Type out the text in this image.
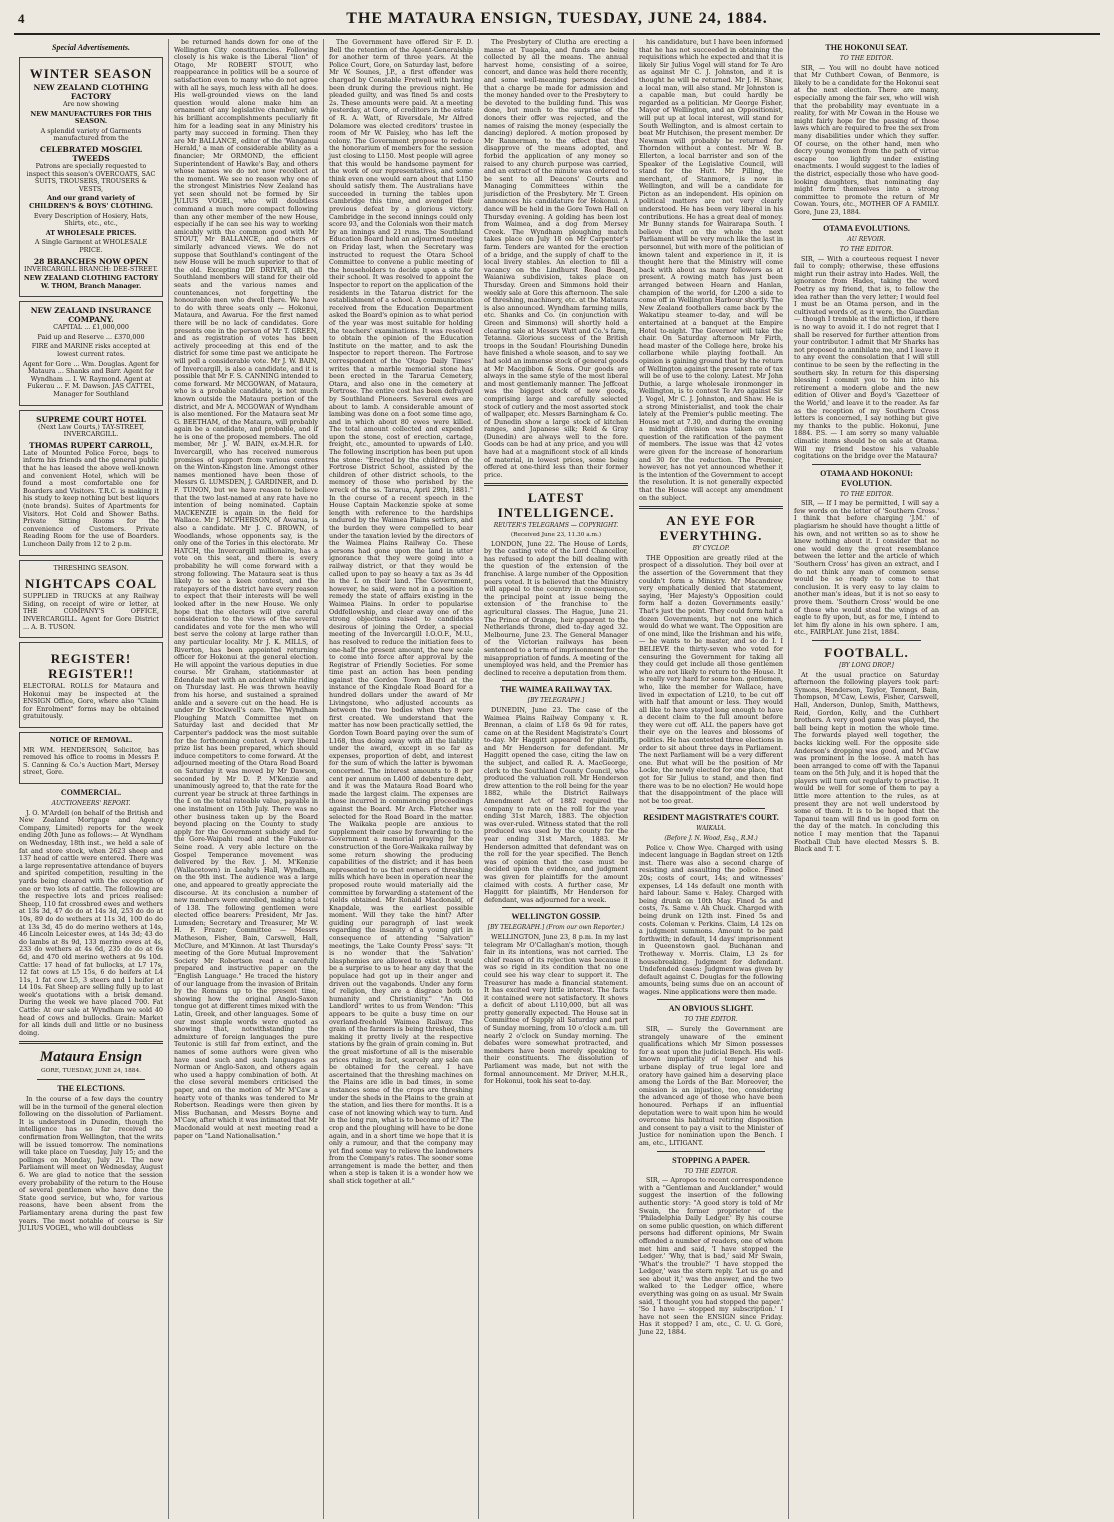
4	THE MATAURA ENSIGN, TUESDAY, JUNE 24, 1884.
Special Advertisements.
WINTER SEASON
NEW ZEALAND CLOTHING FACTORY

Are now showing

NEW MANUFACTURES FOR THIS SEASON.

A splendid variety of Garments manufactured from the

CELEBRATED MOSGIEL TWEEDS

Patrons are specially requested to inspect this season's OVERCOATS, SAC SUITS, TROUSERS, TROUSERS & VESTS,

And our grand variety of CHILDREN'S & BOYS' CLOTHING.

Every Description of Hosiery, Hats, Shirts, etc., etc.,

AT WHOLESALE PRICES.

A Single Garment at WHOLESALE PRICE.

28 BRANCHES NOW OPEN

INVERCARGILL BRANCH: DEE-STREET.

NEW ZEALAND CLOTHING FACTORY W. THOM, Branch Manager.

NEW ZEALAND INSURANCE COMPANY.

CAPITAL ... £1,000,000

Paid up and Reserve ... £370,000

FIRE and MARINE risks accepted at lowest current rates.

Agent for Gore ... Wm. Douglas. Agent for Mataura ... Shanks and Barr. Agent for Wyndham ... I. W. Raymond. Agent at Fukerau ... F. M. Dawson. JAS CATTEL, Manager for Southland

SUPREME COURT HOTEL

(Next Law Courts,) TAY-STREET, INVERCARGILL.

THOMAS RUPERT CARROLL,

Late of Mounted Police Force, begs to inform his friends and the general public that he has leased the above well-known and convenient Hotel, which will be found a most comfortable one for Boarders and Visitors. T.R.C. is making it his study to keep nothing but best liquors (note brands). Suites of Apartments for Visitors. Hot Cold and Shower Baths. Private Sitting Rooms for the convenience of Customers. Private Reading Room for the use of Boarders. Luncheon Daily from 12 to 2 p.m.

THRESHING SEASON.

NIGHTCAPS COAL

SUPPLIED in TRUCKS at any Railway Siding, on receipt of wire or letter, at THE COMPANY'S OFFICE, INVERCARGILL. Agent for Gore District ... A. B. TUSON.

REGISTER! REGISTER!!

ELECTORAL ROLLS for Mataura and Hokonui may be inspected at the ENSIGN Office, Gore, where also "Claim for Enrolment" forms may be obtained gratuitously.

NOTICE OF REMOVAL.

MR WM. HENDERSON, Solicitor, has removed his office to rooms in Messrs P. S. Canning & Co.'s Auction Mart, Mersey street, Gore.

COMMERCIAL.
AUCTIONEERS' REPORT.

J. O. M'Ardell (on behalf of the British and New Zealand Mortgage and Agency Company, Limited) reports for the week ending 20th June as follows:— At Wyndham on Wednesday, 18th inst., we held a sale of fat and store stock, when 2623 sheep and 137 head of cattle were entered. There was a large representative attendance of buyers and spirited competition, resulting in the yards being cleared with the exception of one or two lots of cattle. The following are the respective lots and prices realised: Sheep, 110 fat crossbred ewes and wethers at 13s 3d, 47 do do at 14s 3d, 253 do do at 10s, 89 do do wethers at 11s 3d, 100 do do at 13s 3d, 45 do do merino wethers at 14s, 46 Lincoln Leicester ewes, at 14s 3d; 43 do do lambs at 8s 9d, 133 merino ewes at 4s, 233 do wethers at 4s 6d, 235 do do at 6s 6d, and 470 old merino wethers at 9s 10d. Cattle: 17 head of fat bullocks, at L7 17s, 12 fat cows at L5 15s, 6 do heifers at L4 11s, 1 fat cow L5, 3 steers and 1 heifer at L4 10s. Fat Sheep are selling fully up to last week's quotations with a brisk demand. During the week we have placed 700. Fat Cattle: At our sale at Wyndham we sold 40 head of cows and bullocks. Grain: Market for all kinds dull and little or no business doing.

Mataura Ensign
GORE, TUESDAY, JUNE 24, 1884.
THE ELECTIONS.

In the course of a few days the country will be in the turmoil of the general election following on the dissolution of Parliament. It is understood in Dunedin, though the intelligence has so far received no confirmation from Wellington, that the writs will be issued tomorrow. The nominations will take place on Tuesday, July 15; and the pollings on Monday, July 21. The new Parliament will meet on Wednesday, August 6. We are glad to notice that the session every probability of the return to the House of several gentlemen who have done the State good service, but who, for various reasons, have been absent from the Parliamentary arena during the past few years. The most notable of course is Sir JULIUS VOGEL, who will doubtless

be returned hands down for one of the Wellington City constituencies. Following closely is his wake is the Liberal "lion" of Otago, Mr ROBERT STOUT, who reappearance in politics will be a source of satisfaction even to many who do not agree with all he says, much less with all he does. His well-grounded views on the land question would alone make him an ornament of any legislative chamber, while his brilliant accomplishments peculiarly fit him for a leading seat in any Ministry his party may succeed in forming. Then they are Mr BALLANCE, editor of the 'Wanganui Herald,' a man of considerable ability as a financier; Mr ORMOND, the efficient Superintendent of Hawke's Bay, and others whose names we do not now recollect at the moment. We see no reason why one of the strongest Ministries New Zealand has yet seen should not be formed by Sir JULIUS VOGEL, who will doubtless command a much more compact following than any other member of the new House, especially if he can see his way to working amicably with the common good with Mr STOUT, Mr BALLANCE, and others of similarly advanced views. We do not suppose that Southland's contingent of the new House will be much superior to that of the old. Excepting DE DRIVER, all the Southland members will stand for their old seats and the various names and countenances, not forgetting the honourable men who dwell there. We have to do with three seats only — Hokonui, Mataura, and Awarua. For the first named there will be no lack of candidates. Gore presents one in the person of Mr T. GREEN, and as registration of votes has been actively proceeding at this end of the district for some time past we anticipate he will poll a considerable vote. Mr J. W. BAIN, of Invercargill, is also a candidate, and it is possible that Mr F. S. CANNING intended to come forward. Mr MCGOWAN, of Mataura, who is a probable candidate, is not much known outside the Mataura portion of the district, and Mr A. MCGOWAN of Wyndham is also mentioned. For the Mataura seat Mr G. BEETHAM, of the Mataura, will probably again be a candidate, and probable, and if he is one of the proposed members. The old member, Mr J. W. BAIN, ex-M.H.R. for Invercargill, who has received numerous promises of support from various centres on the Winton-Kingston line. Amongst other names mentioned have been those of Messrs G. LUMSDEN, J. GARDINER, and D. F. TUNON, but we have reason to believe that the two last-named at any rate have no intention of being nominated. Captain MACKENZIE is again in the field for Wallace. Mr J. MCPHERSON, of Awarua, is also a candidate. Mr J. C. BROWN, of Woodlands, whose opponents say, is the only one of the Tories in this electorate. Mr HATCH, the Invercargill millionaire, has a vote on this seat, and there is every probability he will come forward with a strong following. The Mataura seat is thus likely to see a keen contest, and the ratepayers of the district have every reason to expect that their interests will be well looked after in the new House. We only hope that the electors will give careful consideration to the views of the several candidates and vote for the men who will best serve the colony at large rather than any particular locality. Mr J. K. MILLS, of Riverton, has been appointed returning officer for Hokonui at the general election. He will appoint the various deputies in due course. Mr Graham, stationmaster at Edendale met with an accident while riding on Thursday last. He was thrown heavily from his horse, and sustained a sprained ankle and a severe cut on the head. He is under Dr Stockwell's care. The Wyndham Ploughing Match Committee met on Saturday last and decided that Mr Carpenter's paddock was the most suitable for the forthcoming contest. A very liberal prize list has been prepared, which should induce competitors to come forward. At the adjourned meeting of the Otara Road Board on Saturday it was moved by Mr Dawson, seconded by Mr D. P. M'Kenzie and unanimously agreed to, that the rate for the current year be struck at three farthings in the £ on the total rateable value, payable in one instalment on 15th July. There was no other business taken up by the Board beyond placing on the County to study apply for the Government subsidy and for the Gore-Waipahi road and the Fukerau-Seine road. A very able lecture on the Gospel Temperance movement was delivered by the Rev. J. M. M'Kenzie (Wallacetown) in Leahy's Hall, Wyndham, on the 9th inst. The audience was a large one, and appeared to greatly appreciate the discourse. At its conclusion a number of new members were enrolled, making a total of 138. The following gentlemen were elected office bearers: President, Mr Jas. Lumsden; Secretary and Treasurer, Mr W. H. F. Frazer; Committee — Messrs Matheson, Fisher, Bain, Carswell, Hall, McClure, and M'Kinnon. At last Thursday's meeting of the Gore Mutual Improvement Society Mr Robertson read a carefully prepared and instructive paper on the "English Language." He traced the history of our language from the invasion of Britain by the Romans up to the present time, showing how the original Anglo-Saxon tongue got at different times mixed with the Latin, Greek, and other languages. Some of our most simple words were quoted as showing that, notwithstanding the admixture of foreign languages the pure Teutonic is still far from extinct, and the names of some authors were given who have used such and such languages as Norman or Anglo-Saxon, and others again who used a happy combination of both. At the close several members criticised the paper, and on the motion of Mr M'Caw a hearty vote of thanks was tendered to Mr Robertson. Readings were then given by Miss Buchanan, and Messrs Boyne and M'Caw, after which it was intimated that Mr Macdonald would at next meeting read a paper on "Land Nationalisation."

The Government have offered Sir F. D. Bell the retention of the Agent-Generalship for another term of three years. At the Police Court, Gore, on Saturday last, before Mr W. Sounes, J.P., a first offender was charged by Constable Fretwell with having been drunk during the previous night. He pleaded guilty, and was fined 5s and costs 2s. These amounts were paid. At a meeting yesterday, at Gore, of creditors in the estate of R. A. Watt, of Riversdale, Mr Alfred Dolamore was elected creditors' trustee in room of Mr W. Paisley, who has left the colony. The Government propose to reduce the honorarium of members for the session just closing to L150. Most people will agree that this would be handsome payment for the work of our representatives, and some think even one would earn about that L150 should satisfy them. The Australians have succeeded in turning the tables upon Cambridge this time, and avenged their previous defeat by a glorious victory. Cambridge in the second innings could only score 93, and the Colonials won their match by an innings and 21 runs. The Southland Education Board held an adjourned meeting on Friday last, when the Secretary was instructed to request the Otara School Committee to convene a public meeting of the householders to decide upon a site for their school. It was resolved to appoint the Inspector to report on the application of the residents in the Tatarua district for the establishment of a school. A communication received from the Education Department asked the Board's opinion as to what period of the year was most suitable for holding the teachers' examinations. It was resolved to obtain the opinion of the Education Institute on the matter, and to ask the Inspector to report thereon. The Fortrose correspondent of the 'Otago Daily Times' writes that a marble memorial stone has been erected in the Tararua Cemetery, Otara, and also one in the cemetery at Fortrose. The entire cost has been defrayed by Southland Pioneers. Several ewes are about to lamb. A considerable amount of lambing was done on a foot some time ago, and in which about 80 ewes were killed. The total amount collected and expended upon the stone, cost of erection, cartage, freight, etc., amounted to upwards of L40. The following inscription has been put upon the stone: "Erected by the children of the Fortrose District School, assisted by the children of other district schools, to the memory of those who perished by the wreck of the ss. Tararua, April 29th, 1881." In the course of a recent speech in the House Captain Mackenzie spoke at some length with reference to the hardships endured by the Waimea Plains settlers, and the burden they were compelled to bear under the taxation levied by the directors of the Waimea Plains Railway Co. These persons had gone upon the land in utter ignorance that they were going into a railway district, or that they would be called upon to pay so heavy a tax as 3s 4d in the L on their land. The Government, however, he said, were not in a position to remedy the state of affairs existing in the Waimea Plains. In order to popularise Oddfellowship, and clear away one of the strong objections raised to candidates desirous of joining the Order, a special meeting of the Invercargill I.O.O.F., M.U., has resolved to reduce the initiation fees to one-half the present amount, the new scale to come into force after approval by the Registrar of Friendly Societies. For some time past an action has been pending against the Gordon Town Board at the instance of the Kingdale Road Board for a hundred dollars under the award of Mr Livingstone, who adjusted accounts as between the two bodies when they were first created. We understand that the matter has now been practically settled, the Gordon Town Board paying over the sum of L168, thus doing away with all the liability under the award, except in so far as expenses, proportion of debt, and interest for the sum of which the latter is bywoman concerned. The interest amounts to 8 per cent per annum on L400 of debenture debt, and it was the Mataura Road Board who made the largest claim. The expenses are those incurred in commencing proceedings against the Board. Mr Arch. Fletcher was selected for the Road Board in the matter. The Waikaka people are anxious to supplement their case by forwarding to the Government a memorial praying for the construction of the Gore-Waikaka railway by some return showing the producing capabilities of the district; and it has been represented to us that owners of threshing mills which have been in operation near the proposed route would materially aid the committee by forwarding a statement of the yields obtained. Mr Ronald Macdonald, of Knapdale, was the earliest possible moment. Will they take the hint? After guiding our paragraph of last week regarding the insanity of a young girl in consequence of attending "Salvation" meetings, the 'Lake County Press' says: "It is no wonder that the 'Salvation' blasphemies are allowed to exist. It would be a surprise to us to hear any day that the populace had got up in their anger and driven out the vagabonds. Under any form of religion, they are a disgrace both to humanity and Christianity." "An Old Landlord" writes to us from Wendon: "This appears to be quite a busy time on our overland-freehold Waimea Railway. The grain of the farmers is being threshed, thus making it pretty lively at the respective stations by the grain of grain coming in. But the great misfortune of all is the miserable prices ruling; in fact, scarcely any sale can be obtained for the cereal. I have ascertained that the threshing machines on the Plains are idle in bad times, in some instances some of the crops are threshing under the sheds in the Plains to the grain at the station, and lies there for months. It is a case of not knowing which way to turn. And in the long run, what is to become of it? The crop and the ploughing will have to be done again, and in a short time we hope that it is only a rumour, and that the company may yet find some way to relieve the landowners from the Company's rates. The sooner some arrangement is made the better, and then when a step is taken it is a wonder how we shall stick together at all."

The Presbytery of Clutha are erecting a manse at Tuapeka, and funds are being collected by all the means. The annual harvest home, consisting of a soiree, concert, and dance was held there recently, and some well-meaning persons decided that a charge be made for admission and the money handed over to the Presbytery to be devoted to the building fund. This was done, but much to the surprise of the donors their offer was rejected, and the names of raising the money (especially the dancing) deplored. A motion proposed by Mr Rannerman, to the effect that they disapprove of the means adopted, and forbid the application of any money so raised to any church purpose was carried, and an extract of the minute was ordered to be sent to all Deacons' Courts and Managing Committees within the jurisdiction of the Presbytery. Mr T. Green announces his candidature for Hokonui. A dance will be held in the Gore Town Hall on Thursday evening. A golding has been lost from Waimea, and a dog from Mersey Creek. The Wyndham ploughing match takes place on July 18 on Mr Carpenter's farm. Tenders are wanted for the erection of a bridge, and the supply of chaff to the local livery stables. An election to fill a vacancy on the Lindhurst Road Board, Waianiwa subdivision, takes place on Thursday. Green and Simmons hold their weekly sale at Gore this afternoon. The sale of threshing, machinery, etc. at the Mataura is also announced. Wyndham farming mills, etc. Shanks and Co. (in conjunction with Green and Simmons) will shortly hold a clearing sale at Messrs Watt and Co.'s farm, Tetanna. Glorious success of the British troops in the Soudan! Flourishing Dunedin have finished a whole season, and to say we had sold an immense stock of general goods at Mr Macgibbon & Sons. Our goods are always in the same style of the most liberal and most gentlemanly manner. The Jeffcoat was the biggest stock of new goods, comprising large and carefully selected stock of cutlery and the most assorted stock of wallpaper, etc. Messrs Barningham & Co. of Dunedin show a large stock of kitchen ranges, and Japanese silk; Reid & Gray (Dunedin) are always well to the fore. Goods can be had at any price, and you will have had at a magnificent stock of all kinds of material, in lowest prices, some being offered at one-third less than their former price.

LATEST INTELLIGENCE.
REUTER'S TELEGRAMS — COPYRIGHT.
(Received June 23, 11.30 a.m.)

LONDON, June 22. The House of Lords, by the casting vote of the Lord Chancellor, has refused to adopt the bill dealing with the question of the extension of the franchise. A large number of the Opposition peers voted. It is believed that the Ministry will appeal to the country in consequence, the principal point at issue being the extension of the franchise to the agricultural classes. The Hague, June 21. The Prince of Orange, heir apparent to the Netherlands throne, died to-day aged 32. Melbourne, June 23. The General Manager of the Victorian railways has been sentenced to a term of imprisonment for the misappropriation of funds. A meeting of the unemployed was held, and the Premier has declined to receive a deputation from them.

THE WAIMEA RAILWAY TAX.
[BY TELEGRAPH.]

DUNEDIN, June 23. The case of the Waimea Plains Railway Company v. R. Brennan, a claim of L18 6s 9d for rates, came on at the Resident Magistrate's Court to-day. Mr Haggitt appeared for plaintiffs, and Mr Henderson for defendant. Mr Haggitt opened the case, citing the law on the subject, and called R. A. MacGeorge, clerk to the Southland County Council, who produced the valuation roll. Mr Henderson drew attention to the roll being for the year 1882, while the District Railways Amendment Act of 1882 required the company to rate on the roll for the year ending 31st March, 1883. The objection was over-ruled. Witness stated that the roll produced was used by the county for the year ending 31st March, 1883. Mr Henderson admitted that defendant was on the roll for the year specified. The Bench was of opinion that the case must be decided upon the evidence, and judgment was given for plaintiffs for the amount claimed with costs. A further case, Mr Haggitt for plaintiffs, Mr Henderson for defendant, was adjourned for a week.

WELLINGTON GOSSIP.
[BY TELEGRAPH.] (From our own Reporter.)

WELLINGTON, June 23, 8 p.m. In my last telegram Mr O'Callaghan's motion, though fair in its intentions, was not carried. The chief reason of its rejection was because it was so rigid in its condition that no one could see his way clear to support it. The Treasurer has made a financial statement. It has excited very little interest. The facts it contained were not satisfactory. It shows a deficit of about L110,000, but all was pretty generally expected. The House sat in Committee of Supply all Saturday and part of Sunday morning, from 10 o'clock a.m. till nearly 2 o'clock on Sunday morning. The debates were somewhat protracted, and members have been merely speaking to their constituents. The dissolution of Parliament was made, but not with the formal announcement. Mr Driver, M.H.R., for Hokonui, took his seat to-day.

his candidature, but I have been informed that he has not succeeded in obtaining the requisitions which he expected and that it is likely Sir Julius Vogel will stand for Te Aro as against Mr C. J. Johnston, and it is thought he will be returned. Mr J. H. Shaw, a local man, will also stand. Mr Johnston is a capable man, but could hardly be regarded as a politician. Mr George Fisher, Mayor of Wellington, and an Oppositionist, will put up at local interest, will stand for South Wellington, and is almost certain to beat Mr Hutchison, the present member. Dr Newman will probably be returned for Thorndon without a contest. Mr W. B. Ellerton, a local barrister and son of the Speaker of the Legislative Council, will stand for the Hutt. Mr Pilling, the merchant, of Stanmore, is now in Wellington, and will be a candidate for Picton as an independent. His opinion on political matters are not very clearly understood. He has been very liberal in his contributions. He has a great deal of money. Mr Bunny stands for Wairarapa South. I believe that on the whole the next Parliament will be very much like the last in personnel, but with more of the politician of known talent and experience in it, it is thought here that the Ministry will come back with about as many followers as at present. A rowing match has just been arranged between Hearn and Hanlan, champion of the world, for L200 a side to come off in Wellington Harbour shortly. The New Zealand footballers came back by the Wakatipu steamer to-day, and will be entertained at a banquet at the Empire Hotel to-night. The Governor will take the chair. On Saturday afternoon Mr Firth, head master of the College here, broke his collarbone while playing football. An opinion is gaining ground that by the return of Wellington against the present rate of tax will be of use to the colony. Latest. Mr John Duthie, a large wholesale ironmonger in Wellington, is to contest Te Aro against Sir J. Vogel, Mr C. J. Johnston, and Shaw. He is a strong Ministerialist, and took the chair lately at the Premier's public meeting. The House met at 7.30, and during the evening a midnight division was taken on the question of the ratification of the payment of members. The issue was that 42 votes were given for the increase of honorarium and 30 for the reduction. The Premier, however, has not yet announced whether it is the intention of the Government to accept the resolution. It is not generally expected that the House will accept any amendment on the subject.

AN EYE FOR EVERYTHING.
BY CYCLOP.

THE Opposition are greatly riled at the prospect of a dissolution. They boil over at the assertion of the Government that they couldn't form a Ministry. Mr Macandrew very emphatically denied that statement, saying, 'Her Majesty's Opposition could form half a dozen Governments easily.' That's just the point. They could form half a dozen Governments, but not one which would do what we want. The Opposition are of one mind, like the Irishman and his wife, — he wants to be master, and so do I. I BELIEVE the thirty-seven who voted for censuring the Government for taking all they could get include all those gentlemen who are not likely to return to the House. It is really very hard for some hon. gentlemen, who, like the member for Wallace, have lived in expectation of L210, to be cut off with half that amount or less. They would all like to have stayed long enough to have a decent claim to the full amount before they were cut off. ALL the papers have got their eye on the leaves and blossoms of politics. He has contested three elections in order to sit about three days in Parliament. The next Parliament will be a very different one. But what will be the position of Mr Locke, the newly elected for one place, that got for Sir Julius to stand, and then find there was to be no election? He would hope that the disappointment of the place will not be too great.

RESIDENT MAGISTRATE'S COURT.
WAIKAIA.
(Before J. N. Wood, Esq., R.M.)

Police v. Chow Wye. Charged with using indecent language in Bagdan street on 12th inst. There was also a second charge of resisting and assaulting the police. Fined 20s; costs of court, 14s; and witnesses' expenses, L4 14s default one month with hard labour. Same v. Haley. Charged with being drunk on 10th May. Fined 5s and costs, 7s. Same v. Ah Chuck. Charged with being drunk on 12th inst. Fined 5s and costs. Coleman v. Perkins. Claim, L4 12s on a judgment summons. Amount to be paid forthwith; in default, 14 days' imprisonment in Queenstown gaol. Buchanan and Trotheway v. Morris. Claim, L3 2s for housebreaking. Judgment for defendant. Undefended cases: Judgment was given by default against C. Douglas for the following amounts, being sums due on an account of wages. Nine applications were then made.

AN OBVIOUS SLIGHT.
TO THE EDITOR.

SIR, — Surely the Government are strangely unaware of the eminent qualifications which Mr Simon possesses for a seat upon the judicial Bench. His well-known impartiality of temper and his urbane display of true legal lore and oratory have gained him a deserving place among the Lords of the Bar. Moreover, the omission is an injustice, too, considering the advanced age of those who have been honoured. Perhaps if an influential deputation were to wait upon him he would overcome his habitual retiring disposition and consent to pay a visit to the Minister of Justice for nomination upon the Bench. I am, etc., LITIGANT.

STOPPING A PAPER.
TO THE EDITOR.

SIR, — Apropos to recent correspondence with a "Gentleman and Aucklander," would suggest the insertion of the following authentic story: "A good story is told of Mr Swain, the former proprietor of the 'Philadelphia Daily Ledger.' By his course on some public question, on which different persons had different opinions, Mr Swain offended a number of readers, one of whom met him and said, 'I have stopped the Ledger.' 'Why, that is bad,' said Mr Swain, 'What's the trouble?' 'I have stopped the Ledger,' was the stern reply. 'Let us go and see about it,' was the answer, and the two walked to the Ledger office, where everything was going on as usual. Mr Swain said, 'I thought you had stopped the paper.' 'So I have — stopped my subscription.' I have not seen the ENSIGN since Friday. Has it stopped? I am, etc., C. U. G. Gore, June 22, 1884.

THE HOKONUI SEAT.
TO THE EDITOR.

SIR, — You will no doubt have noticed that Mr Cuthbert Cowan, of Benmore, is likely to be a candidate for the Hokonui seat at the next election. There are many, especially among the fair sex, who will wish that the probability may eventuate in a reality, for with Mr Cowan in the House we might fairly hope for the passing of those laws which are required to free the sex from many disabilities under which they suffer. Of course, on the other hand, men who decry young women from the path of virtue escape too lightly under existing enactments. I would suggest to the ladies of the district, especially those who have good-looking daughters, that nominating day might form themselves into a strong committee to promote the return of Mr Cowan. Yours, etc., MOTHER OF A FAMILY. Gore, June 23, 1884.

OTAMA EVOLUTIONS.
AU REVOIR.
TO THE EDITOR.

SIR, — With a courteous request I never fail to comply; otherwise, these effusions might run their astray into Hades. Well, the ignorance from Hades, taking the word Poetry as my friend, that is, to follow the idea rather than the very letter; I would feel I must be an Otama person, and in the cultivated words of, as it were, the Guardian — though I tremble at the infliction, if there is no way to avoid it. I do not regret that I shall be reserved for further attention from your contributor. I admit that Mr Sharks has not proposed to annihilate me, and I leave it to any event the consolation that I will still continue to be seen by the reflecting in the southern sky. In return for this dispersing blessing I commit you to him into his retirement a modern globe and the new edition of Oliver and Boyd's 'Gazetteer of the World,' and leave it to the reader. As far as the reception of my Southern Cross letters is concerned, I say nothing but give my thanks to the public. Hokonui, June 1884. P.S. — I am sorry so many valuable climatic items should be on sale at Otama. Will my friend bestow his valuable cogitations on the bridge over the Mataura?

OTAMA AND HOKONUI: EVOLUTION.
TO THE EDITOR.

SIR, — If I may be permitted, I will say a few words on the letter of 'Southern Cross.' I think that before charging 'J.M.' of plagiarism he should have thought a little of his own, and not written so as to show he knew nothing about it. I consider that no one would deny the great resemblance between the letter and the article of which 'Southern Cross' has given an extract, and I do not think any man of common sense would be so ready to come to that conclusion. It is very easy to lay claim to another man's ideas, but it is not so easy to prove them. 'Southern Cross' would be one of those who would steal the wings of an eagle to fly upon, but, as for me, I intend to let him fly alone in his own sphere. I am, etc., FAIRPLAY. June 21st, 1884.

FOOTBALL.
[BY LONG DROP.]

At the usual practice on Saturday afternoon the following players took part: Symons, Henderson, Taylor, Tennent, Bain, Thompson, M'Caw, Lewis, Fisher, Carswell, Hall, Anderson, Dunlop, Smith, Matthews, Reid, Gordon, Kelly, and the Cuthbert brothers. A very good game was played, the ball being kept in motion the whole time. The forwards played well together, the backs kicking well. For the opposite side Anderson's dropping was good, and M'Caw was prominent in the loose. A match has been arranged to come off with the Tapanui team on the 5th July, and it is hoped that the players will turn out regularly to practise. It would be well for some of them to pay a little more attention to the rules, as at present they are not well understood by some of them. It is to be hoped that the Tapanui team will find us in good form on the day of the match. In concluding this notice I may mention that the Tapanui Football Club have elected Messrs S. B. Black and T. T.
